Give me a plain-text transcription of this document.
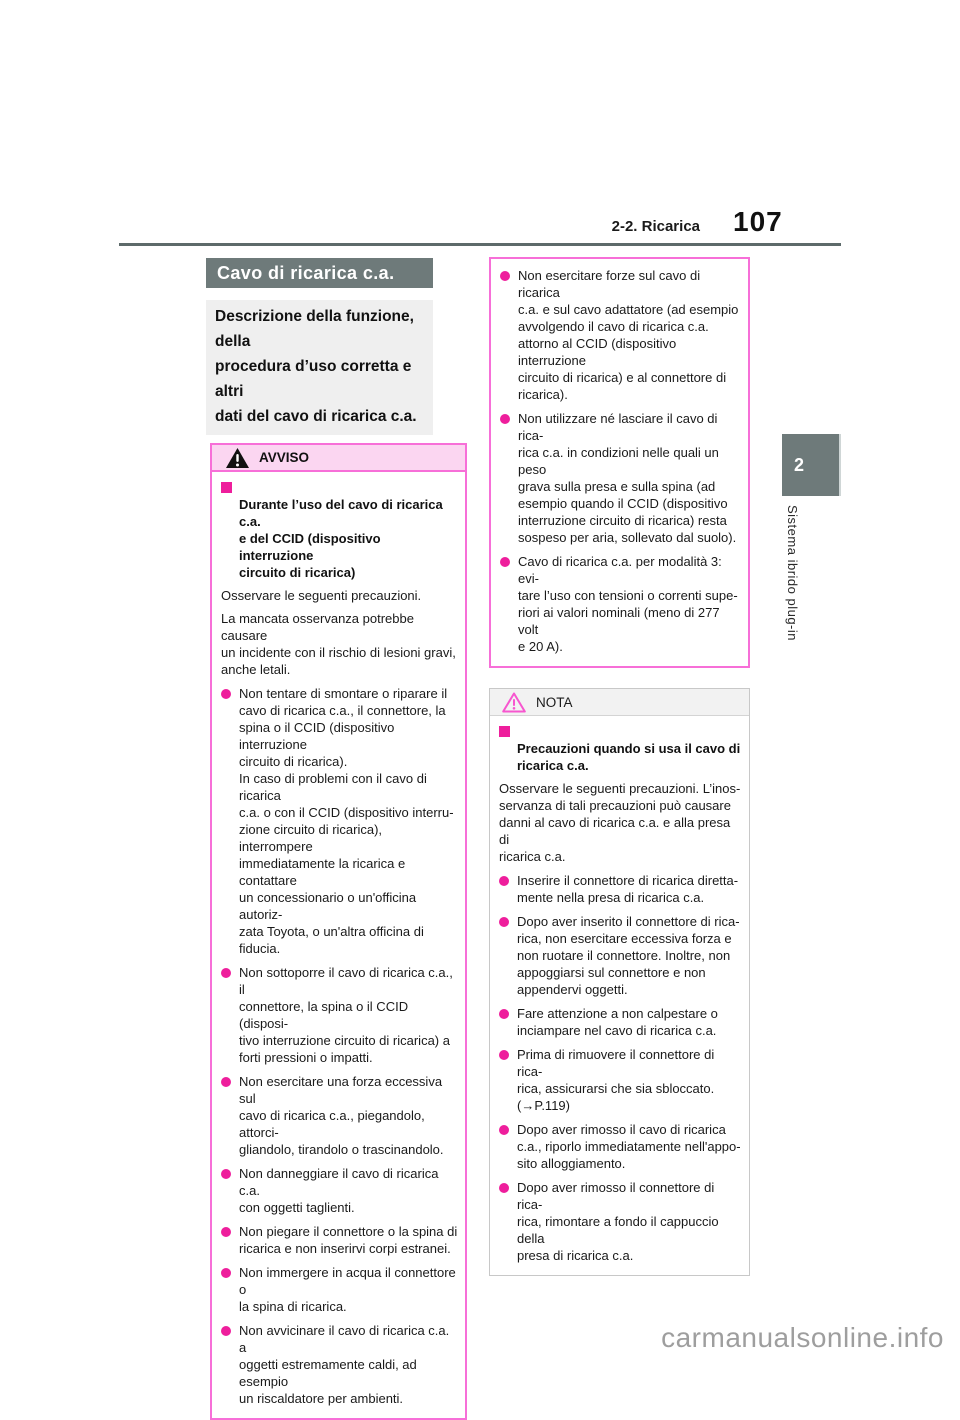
2-2. Ricarica 107
2
Sistema ibrido plug-in
Cavo di ricarica c.a.
Descrizione della funzione, della
procedura d’uso corretta e altri
dati del cavo di ricarica c.a.
AVVISO

Durante l’uso del cavo di ricarica c.a.
e del CCID (dispositivo interruzione
circuito di ricarica)

Osservare le seguenti precauzioni.
La mancata osservanza potrebbe causare
un incidente con il rischio di lesioni gravi,
anche letali.
Non tentare di smontare o riparare il
cavo di ricarica c.a., il connettore, la
spina o il CCID (dispositivo interruzione
circuito di ricarica).
In caso di problemi con il cavo di ricarica
c.a. o con il CCID (dispositivo interru-
zione circuito di ricarica), interrompere
immediatamente la ricarica e contattare
un concessionario o un'officina autoriz-
zata Toyota, o un'altra officina di fiducia.
Non sottoporre il cavo di ricarica c.a., il
connettore, la spina o il CCID (disposi-
tivo interruzione circuito di ricarica) a
forti pressioni o impatti.
Non esercitare una forza eccessiva sul
cavo di ricarica c.a., piegandolo, attorci-
gliandolo, tirandolo o trascinandolo.
Non danneggiare il cavo di ricarica c.a.
con oggetti taglienti.
Non piegare il connettore o la spina di
ricarica e non inserirvi corpi estranei.
Non immergere in acqua il connettore o
la spina di ricarica.
Non avvicinare il cavo di ricarica c.a. a
oggetti estremamente caldi, ad esempio
un riscaldatore per ambienti.
Non esercitare forze sul cavo di ricarica
c.a. e sul cavo adattatore (ad esempio
avvolgendo il cavo di ricarica c.a.
attorno al CCID (dispositivo interruzione
circuito di ricarica) e al connettore di
ricarica).
Non utilizzare né lasciare il cavo di rica-
rica c.a. in condizioni nelle quali un peso
grava sulla presa e sulla spina (ad
esempio quando il CCID (dispositivo
interruzione circuito di ricarica) resta
sospeso per aria, sollevato dal suolo).
Cavo di ricarica c.a. per modalità 3: evi-
tare l’uso con tensioni o correnti supe-
riori ai valori nominali (meno di 277 volt
e 20 A).
NOTA

Precauzioni quando si usa il cavo di
ricarica c.a.

Osservare le seguenti precauzioni. L’inos-
servanza di tali precauzioni può causare
danni al cavo di ricarica c.a. e alla presa di
ricarica c.a.
Inserire il connettore di ricarica diretta-
mente nella presa di ricarica c.a.
Dopo aver inserito il connettore di rica-
rica, non esercitare eccessiva forza e
non ruotare il connettore. Inoltre, non
appoggiarsi sul connettore e non
appendervi oggetti.
Fare attenzione a non calpestare o
inciampare nel cavo di ricarica c.a.
Prima di rimuovere il connettore di rica-
rica, assicurarsi che sia sbloccato.
(→P.119)
Dopo aver rimosso il cavo di ricarica
c.a., riporlo immediatamente nell'appo-
sito alloggiamento.
Dopo aver rimosso il connettore di rica-
rica, rimontare a fondo il cappuccio della
presa di ricarica c.a.
carmanualsonline.info
